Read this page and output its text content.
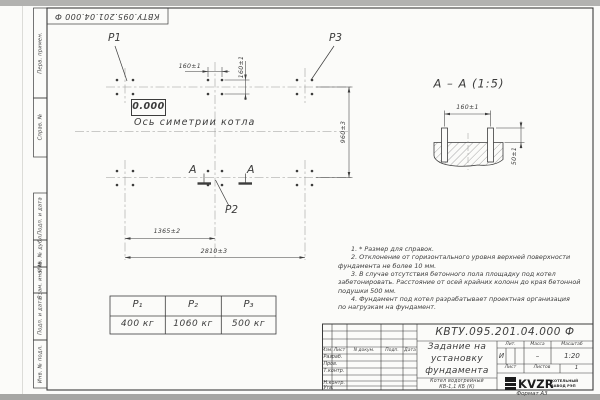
Перв. примен.
Справ. №
Подп. и дата
Инв. № дубл.
Взам. инв. №
Подп. и дата
Инв. № подл.
КВТУ.095.201.04.000 Ф
P1	P3
P2
0.000
Ось симетрии котла
А	А
160±1	160±1
960±3
1365±2
2810±3
А – А (1:5)
160±1
50±1
P₁	P₂	P₃
400 кг	1060 кг	500 кг
1. * Размер для справок.
2. Отклонение от горизонтального уровня верхней поверхности
фундамента не более 10 мм.
3. В случае отсутствия бетонного пола площадку под котел
забетонировать. Расстояние от осей крайних колонн до края бетонной
подушки 500 мм.
4. Фундамент под котел разрабатывает проектная организация
по нагрузкам на фундамент.
КВТУ.095.201.04.000 Ф
Задание на
установку
фундамента
Котел водогрейный
КВ-1,1 КБ (К)
Изм. Лист	N докум.	Подп.	Дата
Разраб.
Пров.
Т.контр.
Н.контр.
Утв.
Лит.	Масса	Масштаб
И	–	1:20
Лист	Листов	1
KVZR
КОТЕЛЬНЫЙ
ЗАВОД РЭП
Формат А3
